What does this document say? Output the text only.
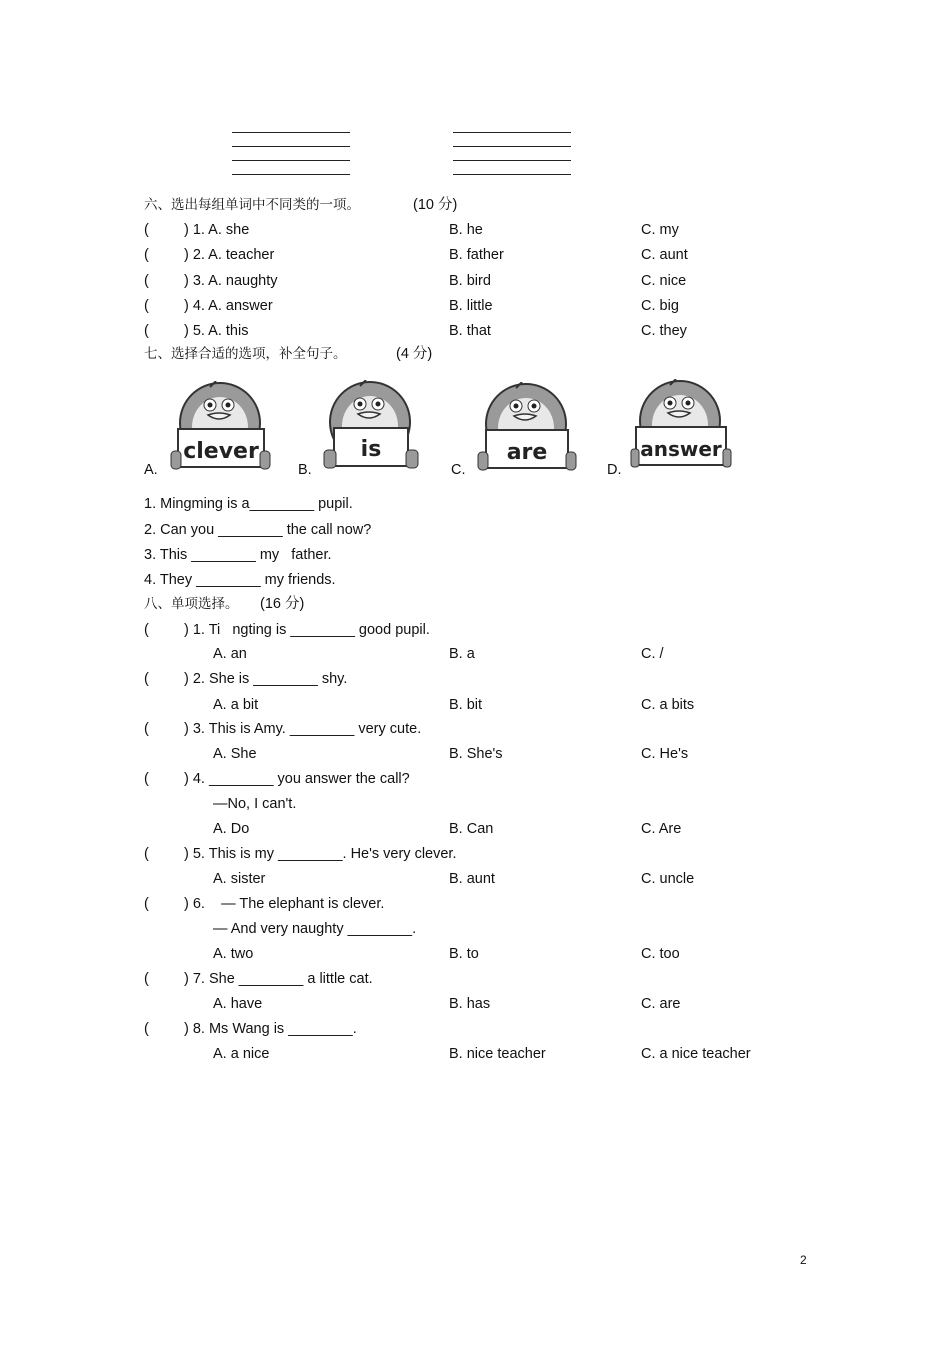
六、选出每组单词中不同类的一项。	(10 分)
( ) 1. A. she	B. he	C. my
( ) 2. A. teacher	B. father	C. aunt
( ) 3. A. naughty	B. bird	C. nice
( ) 4. A. answer	B. little	C. big
( ) 5. A. this	B. that	C. they
七、选择合适的选项，补全句子。	(4 分)
A.
clever
B.
is
C.
are
D.
answer
1. Mingming is a________ pupil.
2. Can you ________ the call now?
3. This ________ my   father.
4. They ________ my friends.
八、单项选择。 (16 分)
( ) 1. Ti   ngting is ________ good pupil.
A. an	B. a	C. /
( ) 2. She is ________ shy.
A. a bit	B. bit	C. a bits
( ) 3. This is Amy. ________ very cute.
A. She	B. She's	C. He's
( ) 4. ________ you answer the call?
—No, I can't.
A. Do	B. Can	C. Are
( ) 5. This is my ________. He's very clever.
A. sister	B. aunt	C. uncle
( ) 6.    — The elephant is clever.
— And very naughty ________.
A. two	B. to	C. too
( ) 7. She ________ a little cat.
A. have	B. has	C. are
( ) 8. Ms Wang is ________.
A. a nice	B. nice teacher	C. a nice teacher
2
